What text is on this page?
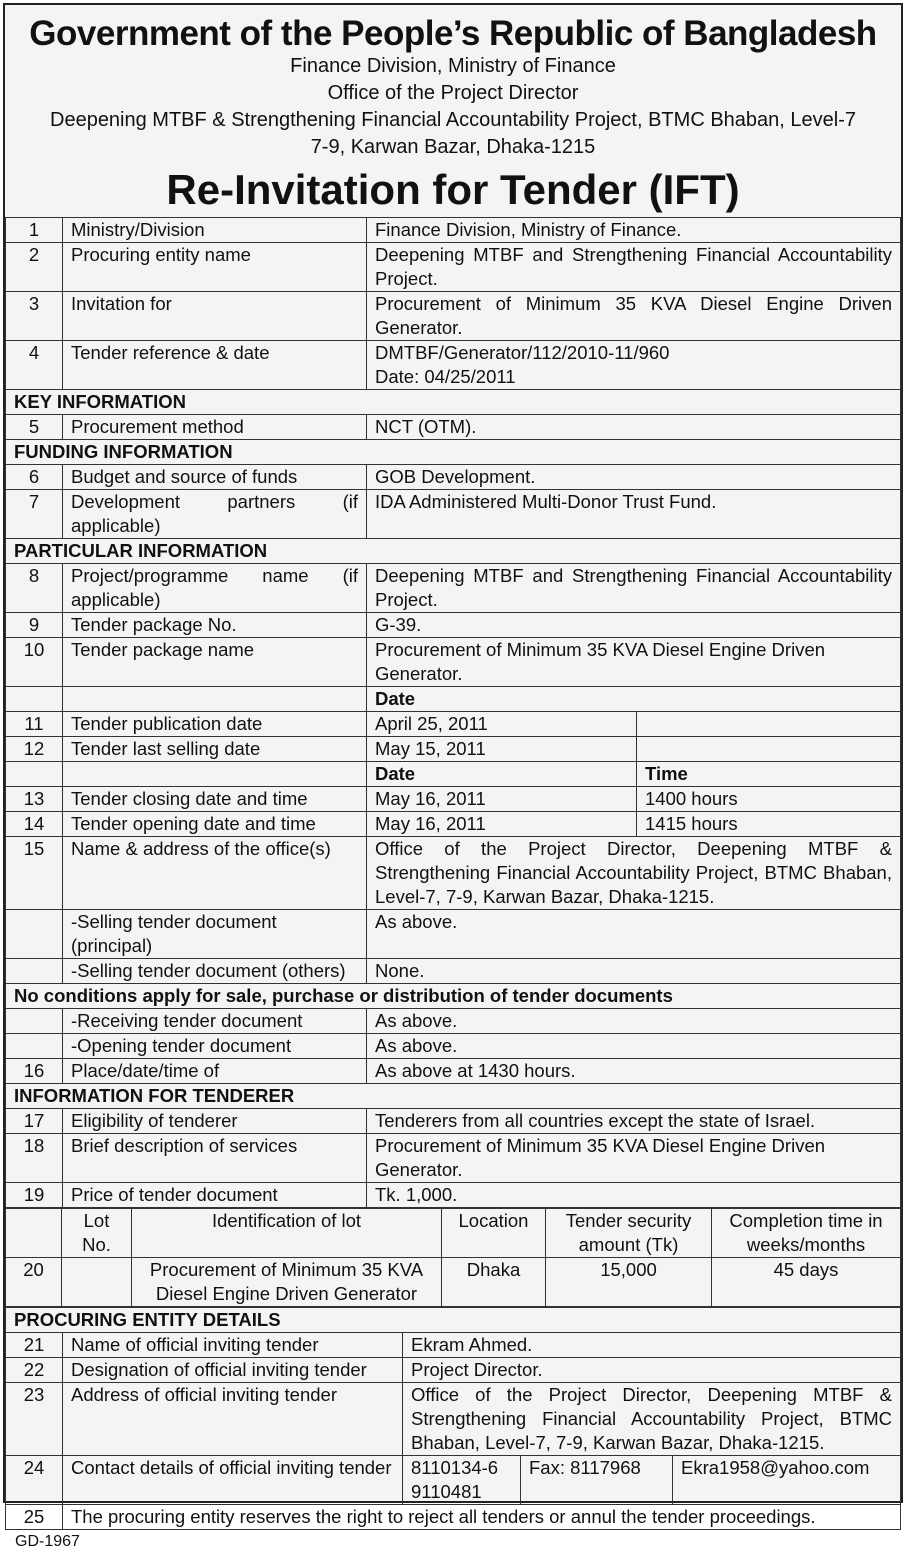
Government of the People’s Republic of Bangladesh
Finance Division, Ministry of Finance
Office of the Project Director
Deepening MTBF & Strengthening Financial Accountability Project, BTMC Bhaban, Level-7
7-9, Karwan Bazar, Dhaka-1215
Re-Invitation for Tender (IFT)
1	Ministry/Division	Finance Division, Ministry of Finance.	
2	Procuring entity name	Deepening MTBF and Strengthening Financial Accountability Project.	
3	Invitation for	Procurement of Minimum 35 KVA Diesel Engine Driven Generator.	
4	Tender reference & date	DMTBF/Generator/112/2010-11/960
Date: 04/25/2011	

KEY INFORMATION			
5	Procurement method	NCT (OTM).	
FUNDING INFORMATION			
6	Budget and source of funds	GOB Development.	
7	Development partners (if applicable)	IDA Administered Multi-Donor Trust Fund.	
PARTICULAR INFORMATION			
8	Project/programme name (if applicable)	Deepening MTBF and Strengthening Financial Accountability Project.	
9	Tender package No.	G-39.	
10	Tender package name	Procurement of Minimum 35 KVA Diesel Engine Driven Generator.	
		Date	
11	Tender publication date	April 25, 2011	
12	Tender last selling date	May 15, 2011	
		Date	Time
13	Tender closing date and time	May 16, 2011	1400 hours
14	Tender opening date and time	May 16, 2011	1415 hours
15	Name & address of the office(s)	Office of the Project Director, Deepening MTBF & Strengthening Financial Accountability Project, BTMC Bhaban, Level-7, 7-9, Karwan Bazar, Dhaka-1215.	
	-Selling tender document (principal)	As above.	
	-Selling tender document (others)	None.	
No conditions apply for sale, purchase or distribution of tender documents			
	-Receiving tender document	As above.	
	-Opening tender document	As above.	
16	Place/date/time of	As above at 1430 hours.	
INFORMATION FOR TENDERER			
17	Eligibility of tenderer	Tenderers from all countries except the state of Israel.	
18	Brief description of services	Procurement of Minimum 35 KVA Diesel Engine Driven Generator.	
19	Price of tender document	Tk. 1,000.	
	Lot No.	Identification of lot	Location	Tender security amount (Tk)	Completion time in weeks/months
20		Procurement of Minimum 35 KVA Diesel Engine Driven Generator	Dhaka	15,000	45 days
PROCURING ENTITY DETAILS				
21	Name of official inviting tender	Ekram Ahmed.		
22	Designation of official inviting tender	Project Director.		
23	Address of official inviting tender	Office of the Project Director, Deepening MTBF & Strengthening Financial Accountability Project, BTMC Bhaban, Level-7, 7-9, Karwan Bazar, Dhaka-1215.		
24	Contact details of official inviting tender	8110134-6
9110481	Fax: 8117968	Ekra1958@yahoo.com
25	The procuring entity reserves the right to reject all tenders or annul the tender proceedings.			
GD-1967
